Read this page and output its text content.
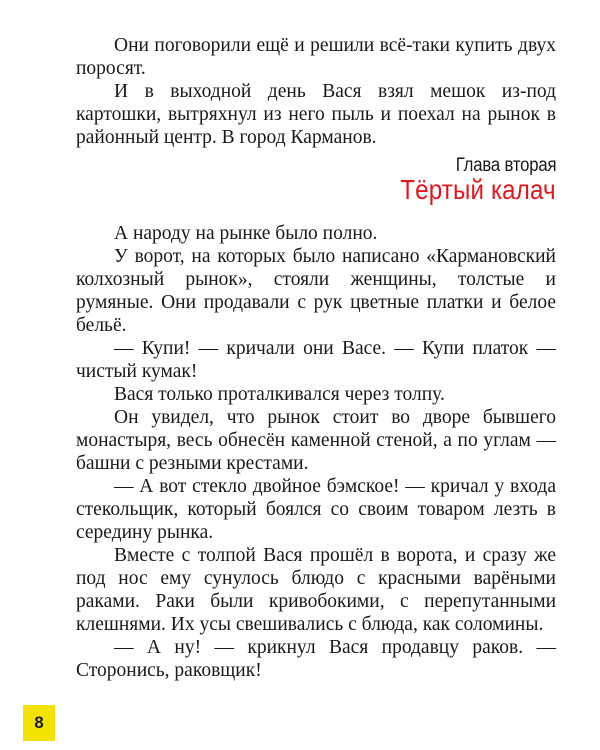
Они поговорили ещё и решили всё-таки купить двух поросят.

И в выходной день Вася взял мешок из-под картошки, вытряхнул из него пыль и поехал на рынок в районный центр. В город Карманов.

Глава вторая
Тёртый калач

А народу на рынке было полно.

У ворот, на которых было написано «Кармановский колхозный рынок», стояли женщины, толстые и румяные. Они продавали с рук цветные платки и белое бельё.

— Купи! — кричали они Васе. — Купи платок — чистый кумак!

Вася только проталкивался через толпу.

Он увидел, что рынок стоит во дворе бывшего монастыря, весь обнесён каменной стеной, а по углам — башни с резными крестами.

— А вот стекло двойное бэмское! — кричал у входа стекольщик, который боялся со своим товаром лезть в середину рынка.

Вместе с толпой Вася прошёл в ворота, и сразу же под нос ему сунулось блюдо с красными варёными раками. Раки были кривобокими, с перепутанными клешнями. Их усы свешивались с блюда, как соломины.

— А ну! — крикнул Вася продавцу раков. — Сторонись, раковщик!

8
